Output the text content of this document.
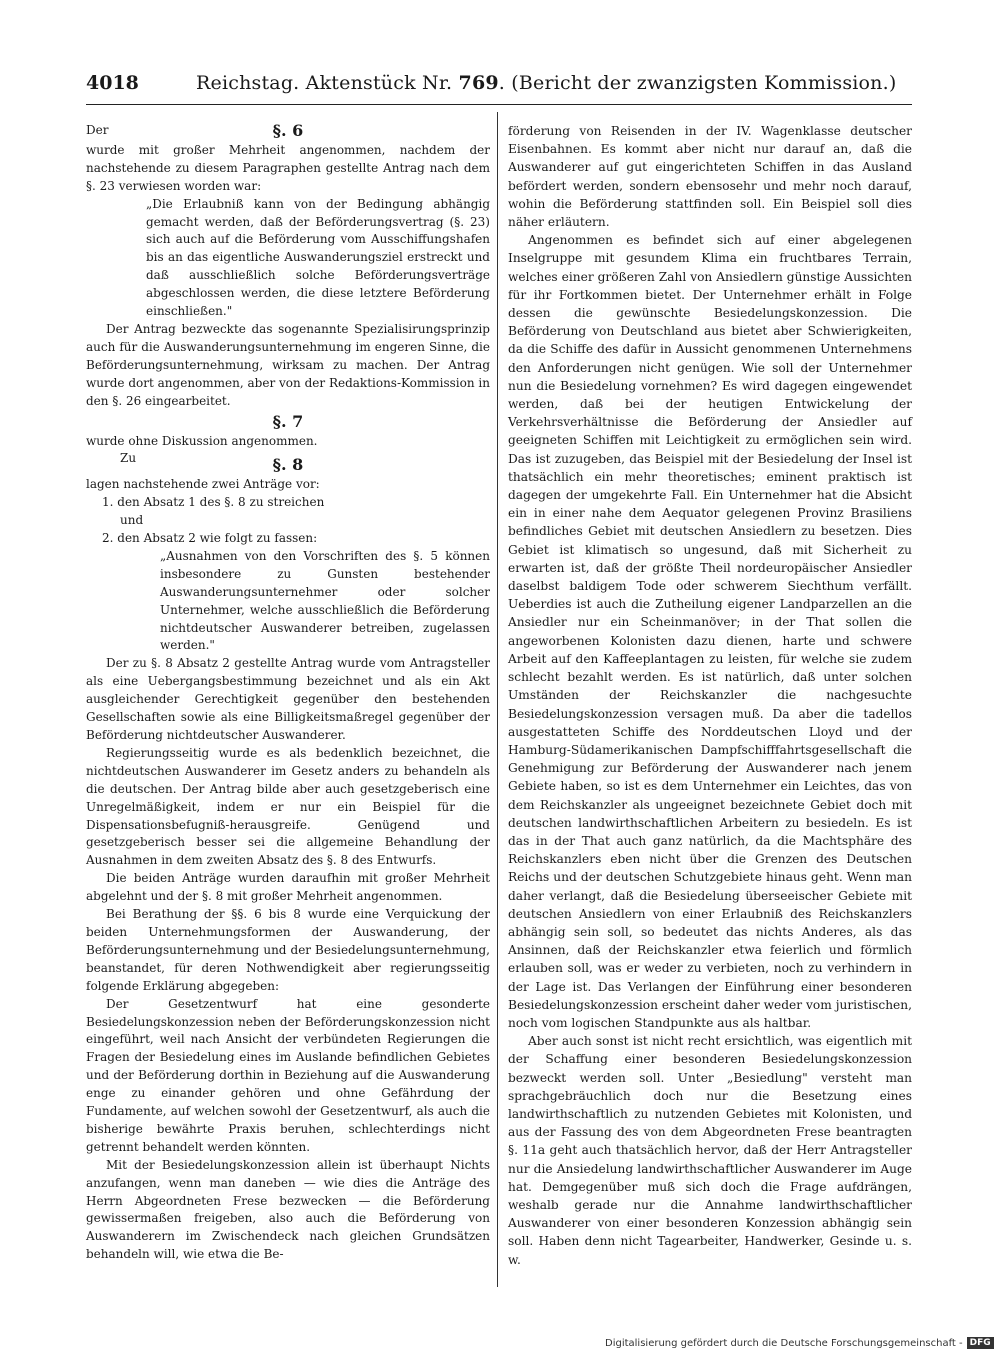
4018	Reichstag. Aktenstück Nr. 769. (Bericht der zwanzigsten Kommission.)

Der	§. 6

wurde mit großer Mehrheit angenommen, nachdem der nachstehende zu diesem Paragraphen gestellte Antrag nach dem §. 23 verwiesen worden war:

„Die Erlaubniß kann von der Bedingung abhängig gemacht werden, daß der Beförderungsvertrag (§. 23) sich auch auf die Beförderung vom Ausschiffungshafen bis an das eigentliche Auswanderungsziel erstreckt und daß ausschließlich solche Beförderungsverträge abgeschlossen werden, die diese letztere Beförderung einschließen."

Der Antrag bezweckte das sogenannte Spezialisirungsprinzip auch für die Auswanderungsunternehmung im engeren Sinne, die Beförderungsunternehmung, wirksam zu machen. Der Antrag wurde dort angenommen, aber von der Redaktions-Kommission in den §. 26 eingearbeitet.

§. 7

wurde ohne Diskussion angenommen.

Zu	§. 8

lagen nachstehende zwei Anträge vor:

1. den Absatz 1 des §. 8 zu streichen

und

2. den Absatz 2 wie folgt zu fassen:

„Ausnahmen von den Vorschriften des §. 5 können insbesondere zu Gunsten bestehender Auswanderungsunternehmer oder solcher Unternehmer, welche ausschließlich die Beförderung nichtdeutscher Auswanderer betreiben, zugelassen werden."

Der zu §. 8 Absatz 2 gestellte Antrag wurde vom Antragsteller als eine Uebergangsbestimmung bezeichnet und als ein Akt ausgleichender Gerechtigkeit gegenüber den bestehenden Gesellschaften sowie als eine Billigkeitsmaßregel gegenüber der Beförderung nichtdeutscher Auswanderer.

Regierungsseitig wurde es als bedenklich bezeichnet, die nichtdeutschen Auswanderer im Gesetz anders zu behandeln als die deutschen. Der Antrag bilde aber auch gesetzgeberisch eine Unregelmäßigkeit, indem er nur ein Beispiel für die Dispensationsbefugniß-herausgreife. Genügend und gesetzgeberisch besser sei die allgemeine Behandlung der Ausnahmen in dem zweiten Absatz des §. 8 des Entwurfs.

Die beiden Anträge wurden daraufhin mit großer Mehrheit abgelehnt und der §. 8 mit großer Mehrheit angenommen.

Bei Berathung der §§. 6 bis 8 wurde eine Verquickung der beiden Unternehmungsformen der Auswanderung, der Beförderungsunternehmung und der Besiedelungsunternehmung, beanstandet, für deren Nothwendigkeit aber regierungsseitig folgende Erklärung abgegeben:

Der Gesetzentwurf hat eine gesonderte Besiedelungskonzession neben der Beförderungskonzession nicht eingeführt, weil nach Ansicht der verbündeten Regierungen die Fragen der Besiedelung eines im Auslande befindlichen Gebietes und der Beförderung dorthin in Beziehung auf die Auswanderung enge zu einander gehören und ohne Gefährdung der Fundamente, auf welchen sowohl der Gesetzentwurf, als auch die bisherige bewährte Praxis beruhen, schlechterdings nicht getrennt behandelt werden könnten.

Mit der Besiedelungskonzession allein ist überhaupt Nichts anzufangen, wenn man daneben — wie dies die Anträge des Herrn Abgeordneten Frese bezwecken — die Beförderung gewissermaßen freigeben, also auch die Beförderung von Auswanderern im Zwischendeck nach gleichen Grundsätzen behandeln will, wie etwa die Be-

förderung von Reisenden in der IV. Wagenklasse deutscher Eisenbahnen. Es kommt aber nicht nur darauf an, daß die Auswanderer auf gut eingerichteten Schiffen in das Ausland befördert werden, sondern ebensosehr und mehr noch darauf, wohin die Beförderung stattfinden soll. Ein Beispiel soll dies näher erläutern.

Angenommen es befindet sich auf einer abgelegenen Inselgruppe mit gesundem Klima ein fruchtbares Terrain, welches einer größeren Zahl von Ansiedlern günstige Aussichten für ihr Fortkommen bietet. Der Unternehmer erhält in Folge dessen die gewünschte Besiedelungskonzession. Die Beförderung von Deutschland aus bietet aber Schwierigkeiten, da die Schiffe des dafür in Aussicht genommenen Unternehmens den Anforderungen nicht genügen. Wie soll der Unternehmer nun die Besiedelung vornehmen? Es wird dagegen eingewendet werden, daß bei der heutigen Entwickelung der Verkehrsverhältnisse die Beförderung der Ansiedler auf geeigneten Schiffen mit Leichtigkeit zu ermöglichen sein wird. Das ist zuzugeben, das Beispiel mit der Besiedelung der Insel ist thatsächlich ein mehr theoretisches; eminent praktisch ist dagegen der umgekehrte Fall. Ein Unternehmer hat die Absicht ein in einer nahe dem Aequator gelegenen Provinz Brasiliens befindliches Gebiet mit deutschen Ansiedlern zu besetzen. Dies Gebiet ist klimatisch so ungesund, daß mit Sicherheit zu erwarten ist, daß der größte Theil nordeuropäischer Ansiedler daselbst baldigem Tode oder schwerem Siechthum verfällt. Ueberdies ist auch die Zutheilung eigener Landparzellen an die Ansiedler nur ein Scheinmanöver; in der That sollen die angeworbenen Kolonisten dazu dienen, harte und schwere Arbeit auf den Kaffeeplantagen zu leisten, für welche sie zudem schlecht bezahlt werden. Es ist natürlich, daß unter solchen Umständen der Reichskanzler die nachgesuchte Besiedelungskonzession versagen muß. Da aber die tadellos ausgestatteten Schiffe des Norddeutschen Lloyd und der Hamburg-Südamerikanischen Dampfschifffahrtsgesellschaft die Genehmigung zur Beförderung der Auswanderer nach jenem Gebiete haben, so ist es dem Unternehmer ein Leichtes, das von dem Reichskanzler als ungeeignet bezeichnete Gebiet doch mit deutschen landwirthschaftlichen Arbeitern zu besiedeln. Es ist das in der That auch ganz natürlich, da die Machtsphäre des Reichskanzlers eben nicht über die Grenzen des Deutschen Reichs und der deutschen Schutzgebiete hinaus geht. Wenn man daher verlangt, daß die Besiedelung überseeischer Gebiete mit deutschen Ansiedlern von einer Erlaubniß des Reichskanzlers abhängig sein soll, so bedeutet das nichts Anderes, als das Ansinnen, daß der Reichskanzler etwa feierlich und förmlich erlauben soll, was er weder zu verbieten, noch zu verhindern in der Lage ist. Das Verlangen der Einführung einer besonderen Besiedelungskonzession erscheint daher weder vom juristischen, noch vom logischen Standpunkte aus als haltbar.

Aber auch sonst ist nicht recht ersichtlich, was eigentlich mit der Schaffung einer besonderen Besiedelungskonzession bezweckt werden soll. Unter „Besiedlung" versteht man sprachgebräuchlich doch nur die Besetzung eines landwirthschaftlich zu nutzenden Gebietes mit Kolonisten, und aus der Fassung des von dem Abgeordneten Frese beantragten §. 11a geht auch thatsächlich hervor, daß der Herr Antragsteller nur die Ansiedelung landwirthschaftlicher Auswanderer im Auge hat. Demgegenüber muß sich doch die Frage aufdrängen, weshalb gerade nur die Annahme landwirthschaftlicher Auswanderer von einer besonderen Konzession abhängig sein soll. Haben denn nicht Tagearbeiter, Handwerker, Gesinde u. s. w.

Digitalisierung gefördert durch die Deutsche Forschungsgemeinschaft - DFG
